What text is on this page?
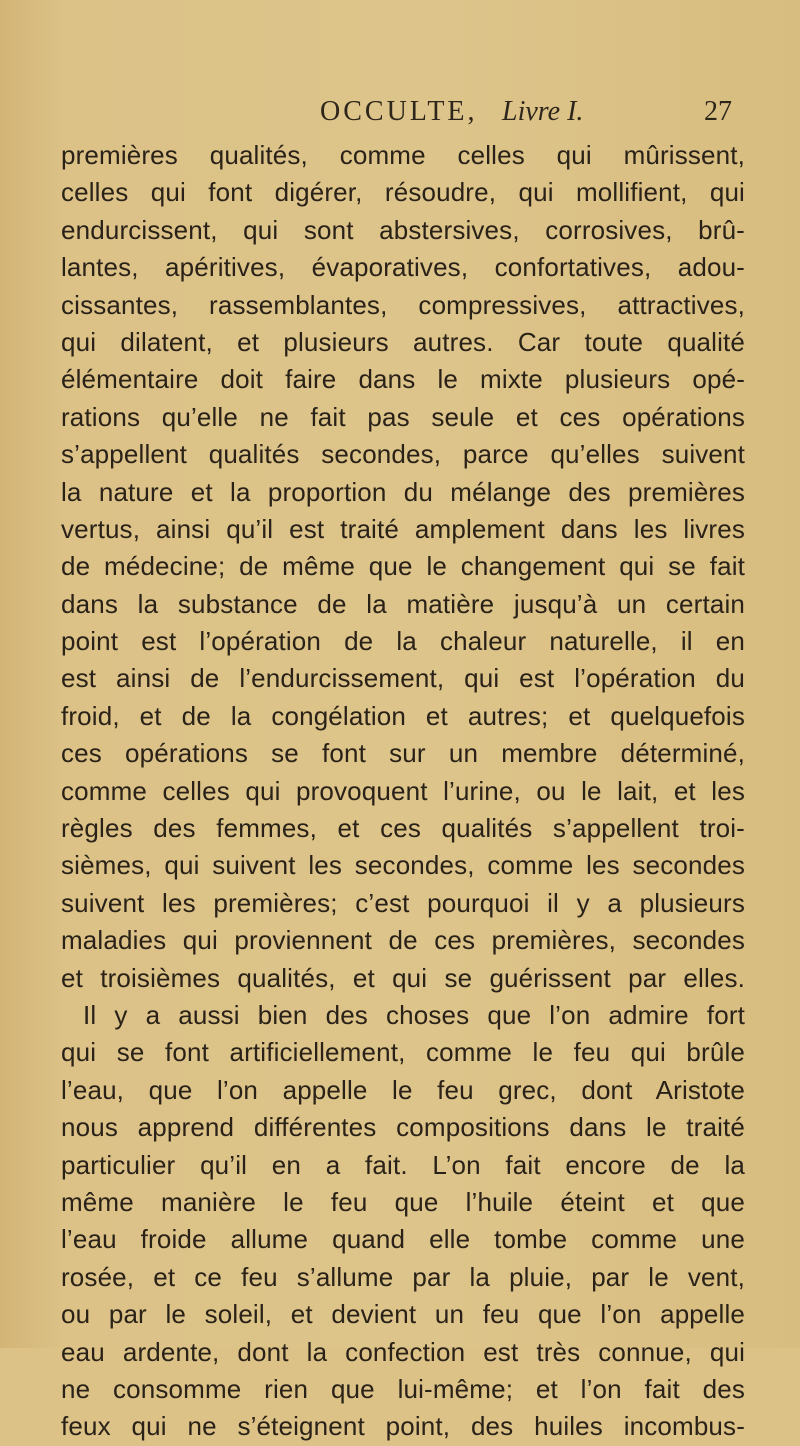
OCCULTE, Livre I.	27
premières qualités, comme celles qui mûrissent,
celles qui font digérer, résoudre, qui mollifient, qui
endurcissent, qui sont abstersives, corrosives, brû-
lantes, apéritives, évaporatives, confortatives, adou-
cissantes, rassemblantes, compressives, attractives,
qui dilatent, et plusieurs autres. Car toute qualité
élémentaire doit faire dans le mixte plusieurs opé-
rations qu’elle ne fait pas seule et ces opérations
s’appellent qualités secondes, parce qu’elles suivent
la nature et la proportion du mélange des premières
vertus, ainsi qu’il est traité amplement dans les livres
de médecine; de même que le changement qui se fait
dans la substance de la matière jusqu’à un certain
point est l’opération de la chaleur naturelle, il en
est ainsi de l’endurcissement, qui est l’opération du
froid, et de la congélation et autres; et quelquefois
ces opérations se font sur un membre déterminé,
comme celles qui provoquent l’urine, ou le lait, et les
règles des femmes, et ces qualités s’appellent troi-
sièmes, qui suivent les secondes, comme les secondes
suivent les premières; c’est pourquoi il y a plusieurs
maladies qui proviennent de ces premières, secondes
et troisièmes qualités, et qui se guérissent par elles.
Il y a aussi bien des choses que l’on admire fort
qui se font artificiellement, comme le feu qui brûle
l’eau, que l’on appelle le feu grec, dont Aristote
nous apprend différentes compositions dans le traité
particulier qu’il en a fait. L’on fait encore de la
même manière le feu que l’huile éteint et que
l’eau froide allume quand elle tombe comme une
rosée, et ce feu s’allume par la pluie, par le vent,
ou par le soleil, et devient un feu que l’on appelle
eau ardente, dont la confection est très connue, qui
ne consomme rien que lui-même; et l’on fait des
feux qui ne s’éteignent point, des huiles incombus-
